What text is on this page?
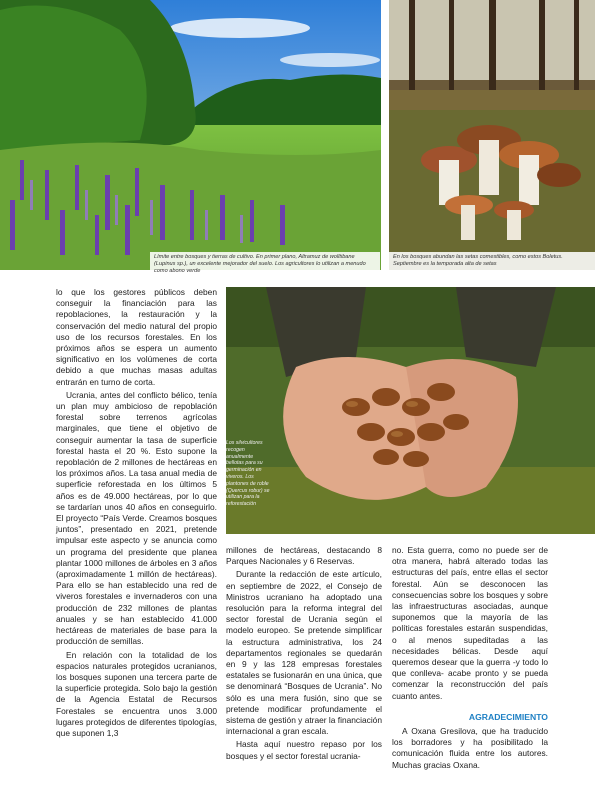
Límite entre bosques y tierras de cultivo. En primer plano, Altramuz de wolltibane (Lupinus sp.), un excelente mejorador del suelo. Los agricultores lo utilizan a menudo como abono verde
En los bosques abundan las setas comestibles, como estos Boletus. Septiembre es la temporada alta de setas
Los silvicultores recogen anualmente bellotas para su germinación en viveros. Los plantones de roble (Quercus robur) se utilizan para la reforestación

lo que los gestores públicos deben conseguir la financiación para las repoblaciones, la restauración y la conservación del medio natural del propio uso de los recursos forestales. En los próximos años se espera un aumento significativo en los volúmenes de corta debido a que muchas masas adultas entrarán en turno de corta.

Ucrania, antes del conflicto bélico, tenía un plan muy ambicioso de repoblación forestal sobre terrenos agrícolas marginales, que tiene el objetivo de conseguir aumentar la tasa de superficie forestal hasta el 20 %. Esto supone la repoblación de 2 millones de hectáreas en los próximos años. La tasa anual media de superficie reforestada en los últimos 5 años es de 49.000 hectáreas, por lo que se tardarían unos 40 años en conseguirlo. El proyecto “País Verde. Creamos bosques juntos”, presentado en 2021, pretende impulsar este aspecto y se anuncia como un programa del presidente que planea plantar 1000 millones de árboles en 3 años (aproximadamente 1 millón de hectáreas). Para ello se han establecido una red de viveros forestales e invernaderos con una producción de 232 millones de plantas anuales y se han establecido 41.000 hectáreas de materiales de base para la producción de semillas.

En relación con la totalidad de los espacios naturales protegidos ucranianos, los bosques suponen una tercera parte de la superficie protegida. Solo bajo la gestión de la Agencia Estatal de Recursos Forestales se encuentra unos 3.000 lugares protegidos de diferentes tipologías, que suponen 1,3

millones de hectáreas, destacando 8 Parques Nacionales y 6 Reservas.

Durante la redacción de este artículo, en septiembre de 2022, el Consejo de Ministros ucraniano ha adoptado una resolución para la reforma integral del sector forestal de Ucrania según el modelo europeo. Se pretende simplificar la estructura administrativa, los 24 departamentos regionales se quedarán en 9 y las 128 empresas forestales estatales se fusionarán en una única, que se denominará “Bosques de Ucrania”. No sólo es una mera fusión, sino que se pretende modificar profundamente el sistema de gestión y atraer la financiación internacional a gran escala.

Hasta aquí nuestro repaso por los bosques y el sector forestal ucrania-

no. Esta guerra, como no puede ser de otra manera, habrá alterado todas las estructuras del país, entre ellas el sector forestal. Aún se desconocen las consecuencias sobre los bosques y sobre las infraestructuras asociadas, aunque suponemos que la mayoría de las políticas forestales estarán suspendidas, o al menos supeditadas a las necesidades bélicas. Desde aquí queremos desear que la guerra -y todo lo que conlleva- acabe pronto y se pueda comenzar la reconstrucción del país cuanto antes.

AGRADECIMIENTO

A Oxana Gresilova, que ha traducido los borradores y ha posibilitado la comunicación fluida entre los autores. Muchas gracias Oxana.
